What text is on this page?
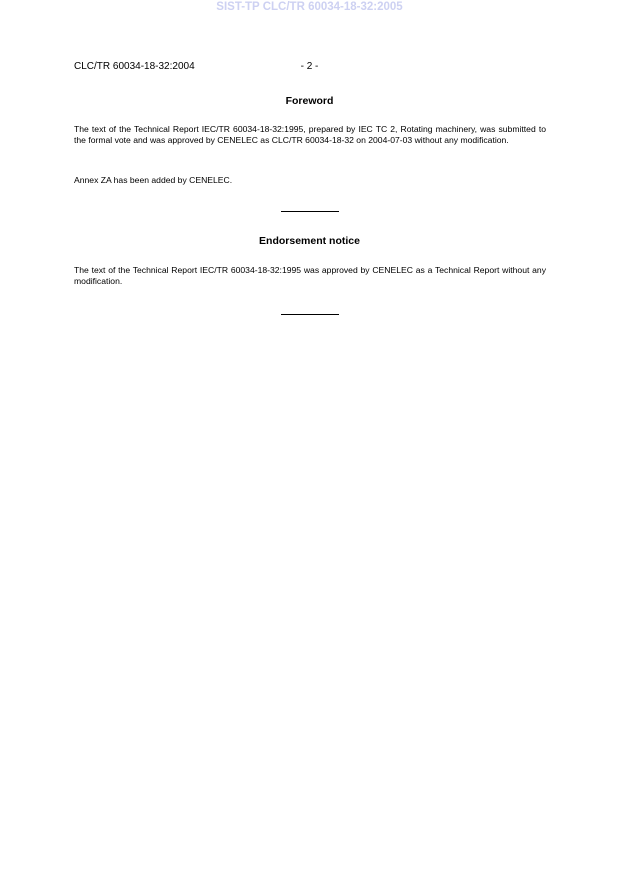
SIST-TP CLC/TR 60034-18-32:2005
CLC/TR 60034-18-32:2004	- 2 -
Foreword
The text of the Technical Report IEC/TR 60034-18-32:1995, prepared by IEC TC 2, Rotating machinery, was submitted to the formal vote and was approved by CENELEC as CLC/TR 60034-18-32 on 2004-07-03 without any modification.
Annex ZA has been added by CENELEC.
Endorsement notice
The text of the Technical Report IEC/TR 60034-18-32:1995 was approved by CENELEC as a Technical Report without any modification.
